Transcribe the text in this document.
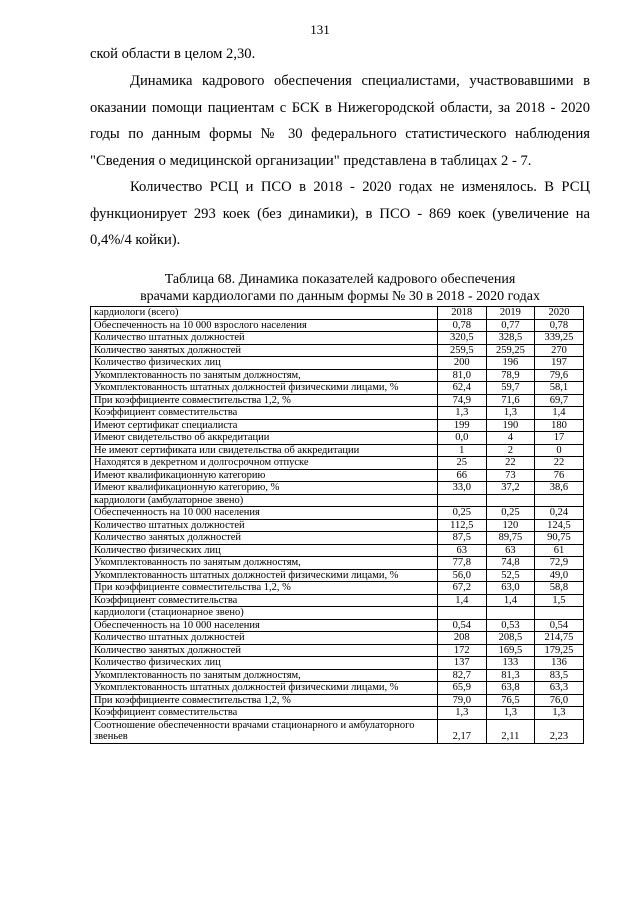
131

ской области в целом 2,30.

Динамика кадрового обеспечения специалистами, участвовавшими в оказании помощи пациентам с БСК в Нижегородской области, за 2018 - 2020 годы по данным формы № 30 федерального статистического наблюдения "Сведения о медицинской организации" представлена в таблицах 2 - 7.

Количество РСЦ и ПСО в 2018 - 2020 годах не изменялось. В РСЦ функционирует 293 коек (без динамики), в ПСО - 869 коек (увеличение на 0,4%/4 койки).

Таблица 68. Динамика показателей кадрового обеспечения
врачами кардиологами по данным формы № 30 в 2018 - 2020 годах
кардиологи (всего)	2018	2019	2020
Обеспеченность на 10 000 взрослого населения	0,78	0,77	0,78
Количество штатных должностей	320,5	328,5	339,25
Количество занятых должностей	259,5	259,25	270
Количество физических лиц	200	196	197
Укомплектованность по занятым должностям,	81,0	78,9	79,6
Укомплектованность штатных должностей физическими лицами, %	62,4	59,7	58,1
При коэффициенте совместительства 1,2, %	74,9	71,6	69,7
Коэффициент совместительства	1,3	1,3	1,4
Имеют сертификат специалиста	199	190	180
Имеют свидетельство об аккредитации	0,0	4	17
Не имеют сертификата или свидетельства об аккредитации	1	2	0
Находятся в декретном и долгосрочном отпуске	25	22	22
Имеют квалификационную категорию	66	73	76
Имеют квалификационную категорию, %	33,0	37,2	38,6
кардиологи (амбулаторное звено)			
Обеспеченность на 10 000 населения	0,25	0,25	0,24
Количество штатных должностей	112,5	120	124,5
Количество занятых должностей	87,5	89,75	90,75
Количество физических лиц	63	63	61
Укомплектованность по занятым должностям,	77,8	74,8	72,9
Укомплектованность штатных должностей физическими лицами, %	56,0	52,5	49,0
При коэффициенте совместительства 1,2, %	67,2	63,0	58,8
Коэффициент совместительства	1,4	1,4	1,5
кардиологи (стационарное звено)			
Обеспеченность на 10 000 населения	0,54	0,53	0,54
Количество штатных должностей	208	208,5	214,75
Количество занятых должностей	172	169,5	179,25
Количество физических лиц	137	133	136
Укомплектованность по занятым должностям,	82,7	81,3	83,5
Укомплектованность штатных должностей физическими лицами, %	65,9	63,8	63,3
При коэффициенте совместительства 1,2, %	79,0	76,5	76,0
Коэффициент совместительства	1,3	1,3	1,3
Соотношение обеспеченности врачами стационарного и амбулаторного звеньев	2,17	2,11	2,23
